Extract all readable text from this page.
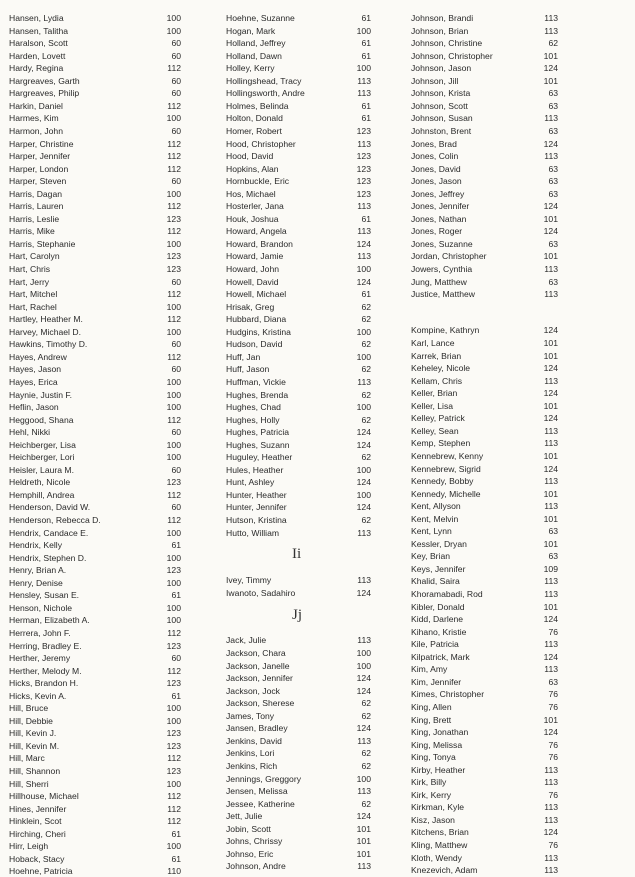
Hansen, Lydia	100
Hansen, Talitha	100
Haralson, Scott	60
Harden, Lovett	60
Hardy, Regina	112
Hargreaves, Garth	60
Hargreaves, Philip	60
Harkin, Daniel	112
Harmes, Kim	100
Harmon, John	60
Harper, Christine	112
Harper, Jennifer	112
Harper, London	112
Harper, Steven	60
Harris, Dagan	100
Harris, Lauren	112
Harris, Leslie	123
Harris, Mike	112
Harris, Stephanie	100
Hart, Carolyn	123
Hart, Chris	123
Hart, Jerry	60
Hart, Mitchel	112
Hart, Rachel	100
Hartley, Heather M.	112
Harvey, Michael D.	100
Hawkins, Timothy D.	60
Hayes, Andrew	112
Hayes, Jason	60
Hayes, Erica	100
Haynie, Justin F.	100
Heflin, Jason	100
Heggood, Shana	112
Hehl, Nikki	60
Heichberger, Lisa	100
Heichberger, Lori	100
Heisler, Laura M.	60
Heldreth, Nicole	123
Hemphill, Andrea	112
Henderson, David W.	60
Henderson, Rebecca D.	112
Hendrix, Candace E.	100
Hendrix, Kelly	61
Hendrix, Stephen D.	100
Henry, Brian A.	123
Henry, Denise	100
Hensley, Susan E.	61
Henson, Nichole	100
Herman, Elizabeth A.	100
Herrera, John F.	112
Herring, Bradley E.	123
Herther, Jeremy	60
Herther, Melody M.	112
Hicks, Brandon H.	123
Hicks, Kevin A.	61
Hill, Bruce	100
Hill, Debbie	100
Hill, Kevin J.	123
Hill, Kevin M.	123
Hill, Marc	112
Hill, Shannon	123
Hill, Sherri	100
Hillhouse, Michael	112
Hines, Jennifer	112
Hinklein, Scot	112
Hirching, Cheri	61
Hirr, Leigh	100
Hoback, Stacy	61
Hoehne, Patricia	110
Hoehne, Suzanne	61
Hogan, Mark	100
Holland, Jeffrey	61
Holland, Dawn	61
Holley, Kerry	100
Hollingshead, Tracy	113
Hollingsworth, Andre	113
Holmes, Belinda	61
Holton, Donald	61
Homer, Robert	123
Hood, Christopher	113
Hood, David	123
Hopkins, Alan	123
Hornbuckle, Eric	123
Hos, Michael	123
Hosterler, Jana	113
Houk, Joshua	61
Howard, Angela	113
Howard, Brandon	124
Howard, Jamie	113
Howard, John	100
Howell, David	124
Howell, Michael	61
Hrisak, Greg	62
Hubbard, Diana	62
Hudgins, Kristina	100
Hudson, David	62
Huff, Jan	100
Huff, Jason	62
Huffman, Vickie	113
Hughes, Brenda	62
Hughes, Chad	100
Hughes, Holly	62
Hughes, Patricia	124
Hughes, Suzann	124
Huguley, Heather	62
Hules, Heather	100
Hunt, Ashley	124
Hunter, Heather	100
Hunter, Jennifer	124
Hutson, Kristina	62
Hutto, William	113
Ii
Ivey, Timmy	113
Iwanoto, Sadahiro	124
Jj
Jack, Julie	113
Jackson, Chara	100
Jackson, Janelle	100
Jackson, Jennifer	124
Jackson, Jock	124
Jackson, Sherese	62
James, Tony	62
Jansen, Bradley	124
Jenkins, David	113
Jenkins, Lori	62
Jenkins, Rich	62
Jennings, Greggory	100
Jensen, Melissa	113
Jessee, Katherine	62
Jett, Julie	124
Jobin, Scott	101
Johns, Chrissy	101
Johnso, Eric	101
Johnson, Andre	113
Johnson, Brandi	113
Johnson, Brian	113
Johnson, Christine	62
Johnson, Christopher	101
Johnson, Jason	124
Johnson, Jill	101
Johnson, Krista	63
Johnson, Scott	63
Johnson, Susan	113
Johnston, Brent	63
Jones, Brad	124
Jones, Colin	113
Jones, David	63
Jones, Jason	63
Jones, Jeffrey	63
Jones, Jennifer	124
Jones, Nathan	101
Jones, Roger	124
Jones, Suzanne	63
Jordan, Christopher	101
Jowers, Cynthia	113
Jung, Matthew	63
Justice, Matthew	113
Kompine, Kathryn	124
Karl, Lance	101
Karrek, Brian	101
Keheley, Nicole	124
Kellam, Chris	113
Keller, Brian	124
Keller, Lisa	101
Kelley, Patrick	124
Kelley, Sean	113
Kemp, Stephen	113
Kennebrew, Kenny	101
Kennebrew, Sigrid	124
Kennedy, Bobby	113
Kennedy, Michelle	101
Kent, Allyson	113
Kent, Melvin	101
Kent, Lynn	63
Kessler, Dryan	101
Key, Brian	63
Keys, Jennifer	109
Khalid, Saira	113
Khoramabadi, Rod	113
Kibler, Donald	101
Kidd, Darlene	124
Kihano, Kristie	76
Kile, Patricia	113
Kilpatrick, Mark	124
Kim, Amy	113
Kim, Jennifer	63
Kimes, Christopher	76
King, Allen	76
King, Brett	101
King, Jonathan	124
King, Melissa	76
King, Tonya	76
Kirby, Heather	113
Kirk, Billy	113
Kirk, Kerry	76
Kirkman, Kyle	113
Kisz, Jason	113
Kitchens, Brian	124
Kling, Matthew	76
Kloth, Wendy	113
Knezevich, Adam	113
